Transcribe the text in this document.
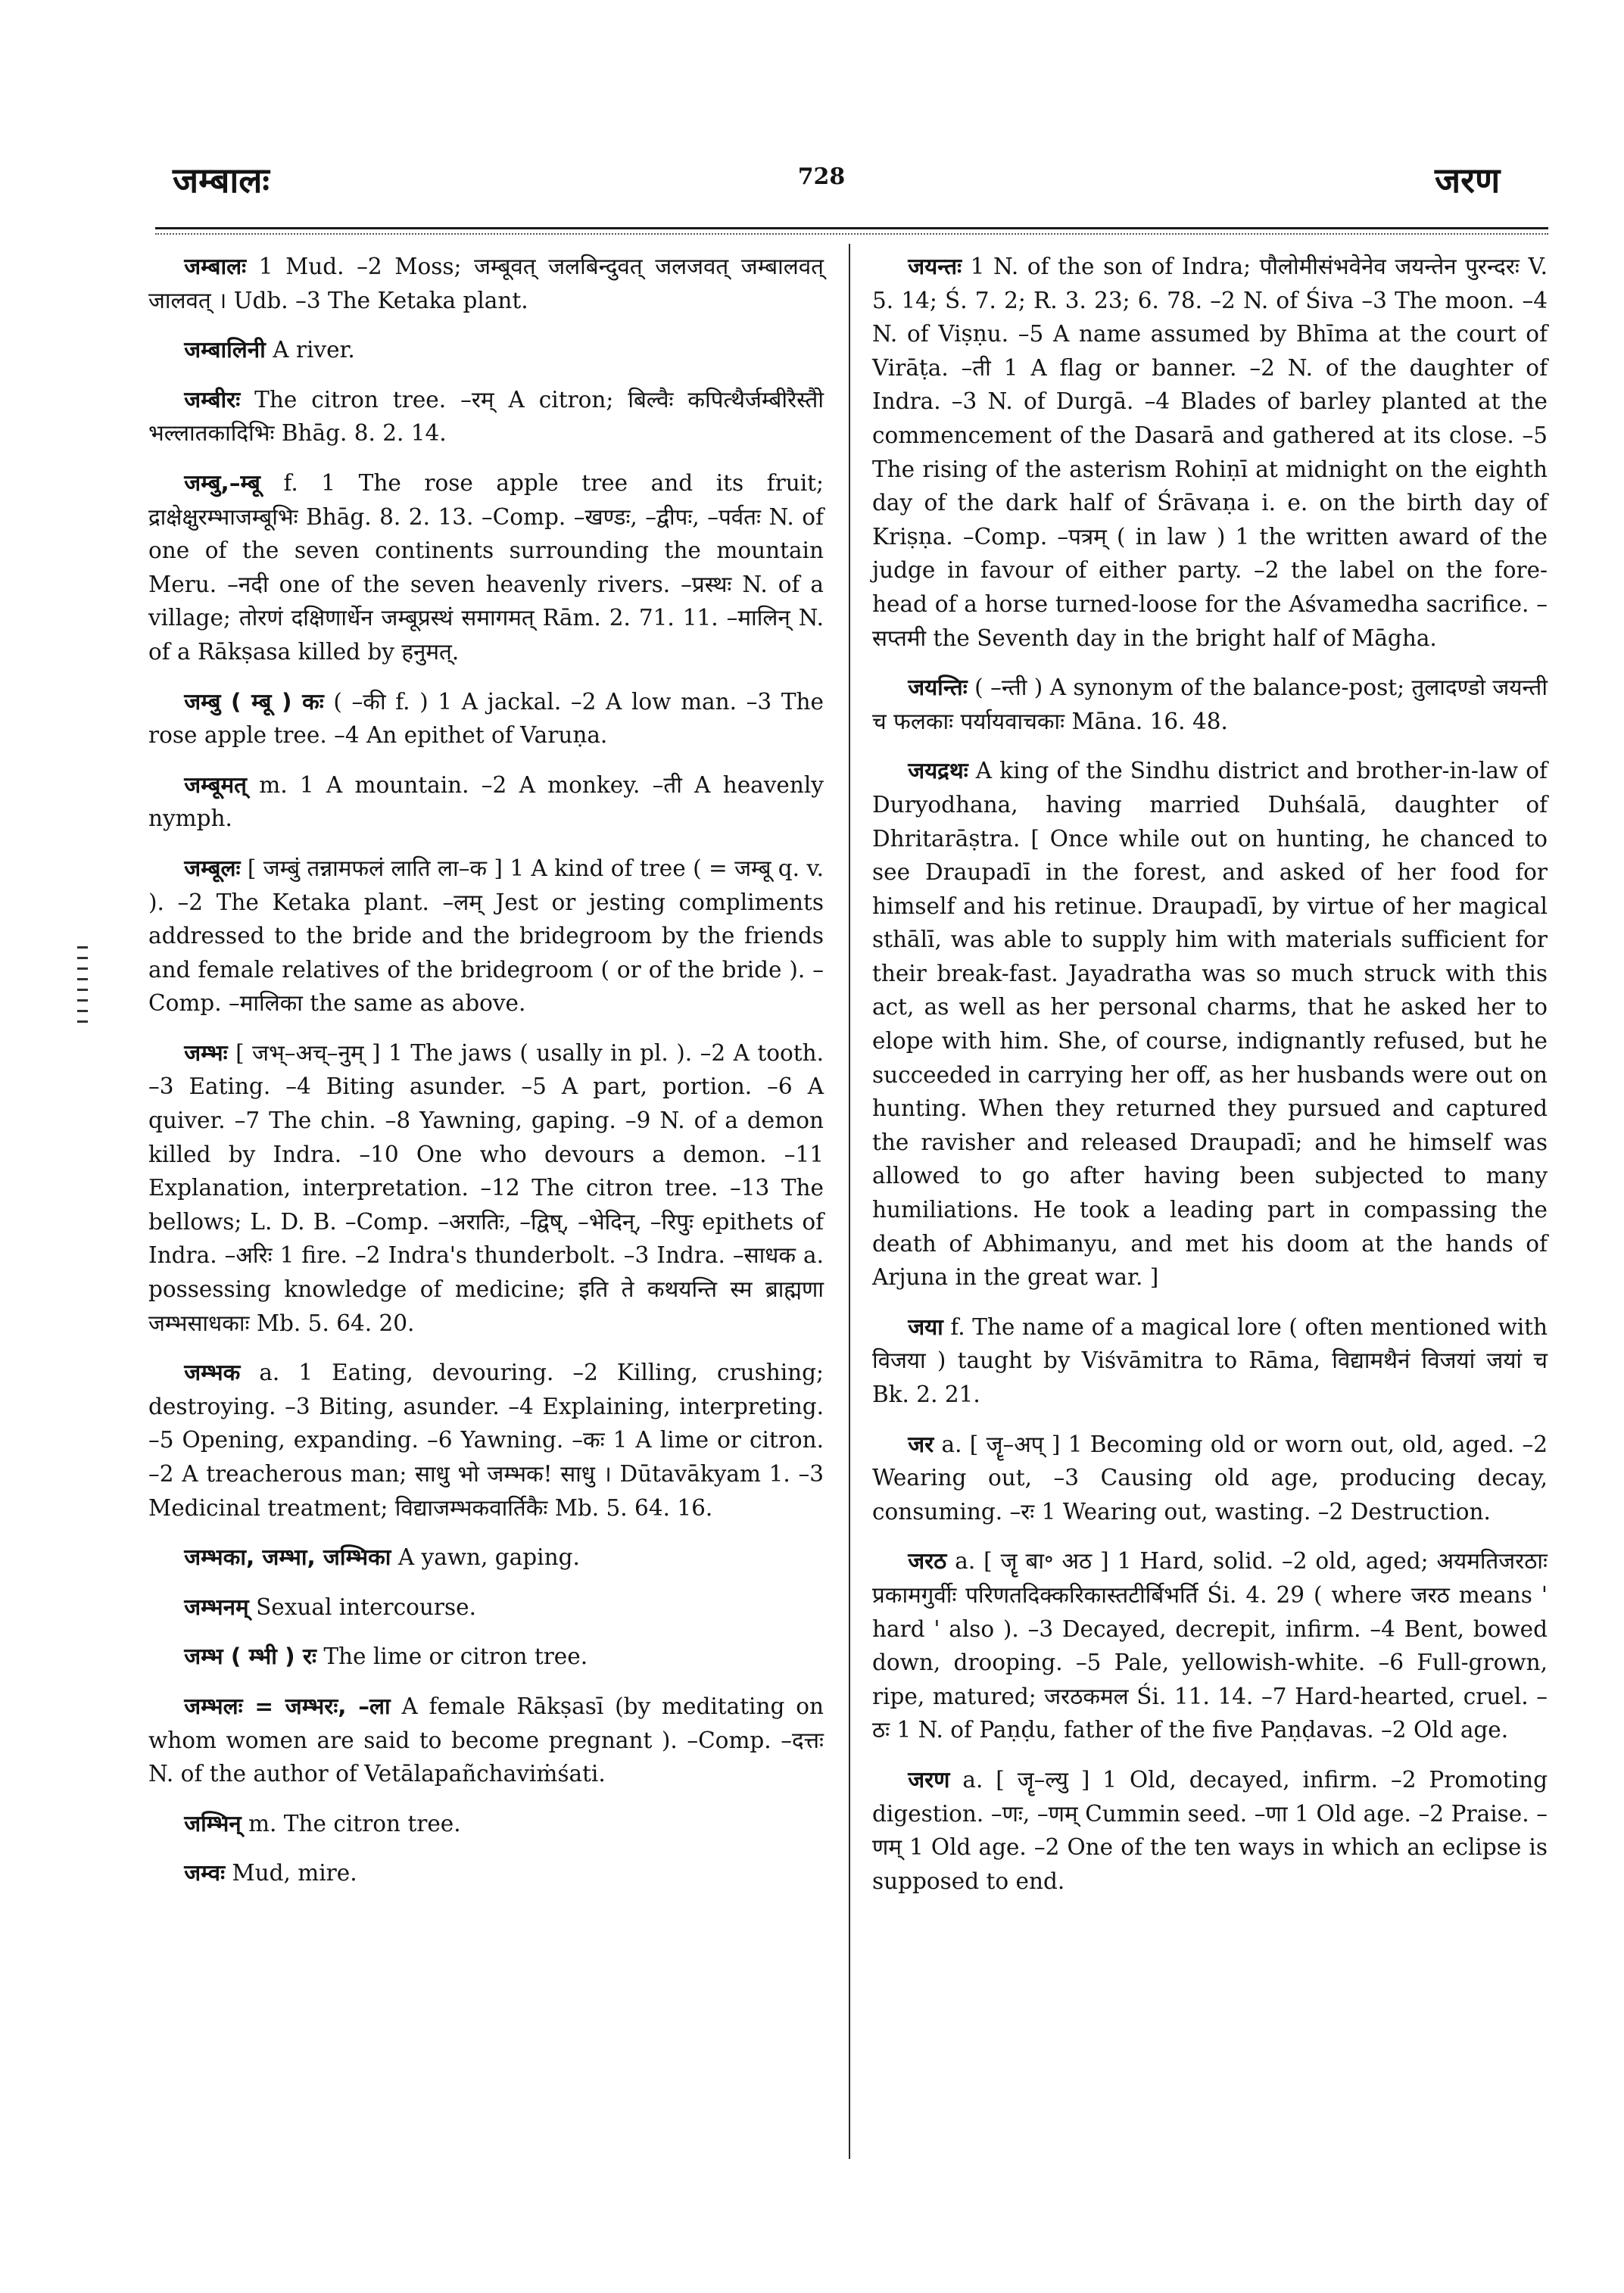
जम्बालः	728	जरण

जम्बालः 1 Mud. –2 Moss; जम्बूवत् जलबिन्दुवत् जलजवत् जम्बालवत् जालवत् । Udb. –3 The Ketaka plant.

जम्बालिनी A river.

जम्बीरः The citron tree. –रम् A citron; बिल्वैः कपित्थैर्जम्बीरैस्तैो भल्लातकादिभिः Bhāg. 8. 2. 14.

जम्बु,–म्बू f. 1 The rose apple tree and its fruit; द्राक्षेक्षुरम्भाजम्बूभिः Bhāg. 8. 2. 13. –Comp. –खण्डः, –द्वीपः, –पर्वतः N. of one of the seven continents surrounding the mountain Meru. –नदी one of the seven heavenly rivers. –प्रस्थः N. of a village; तोरणं दक्षिणार्धेन जम्बूप्रस्थं समागमत् Rām. 2. 71. 11. –मालिन् N. of a Rākṣasa killed by हनुमत्.

जम्बु ( म्बू ) कः ( –की f. ) 1 A jackal. –2 A low man. –3 The rose apple tree. –4 An epithet of Varuṇa.

जम्बूमत् m. 1 A mountain. –2 A monkey. –ती A heavenly nymph.

जम्बूलः [ जम्बुं तन्नामफलं लाति ला–क ] 1 A kind of tree ( = जम्बू q. v. ). –2 The Ketaka plant. –लम् Jest or jesting compliments addressed to the bride and the bridegroom by the friends and female relatives of the bridegroom ( or of the bride ). –Comp. –मालिका the same as above.

जम्भः [ जभ्–अच्–नुम् ] 1 The jaws ( usally in pl. ). –2 A tooth. –3 Eating. –4 Biting asunder. –5 A part, portion. –6 A quiver. –7 The chin. –8 Yawning, gaping. –9 N. of a demon killed by Indra. –10 One who devours a demon. –11 Explanation, interpretation. –12 The citron tree. –13 The bellows; L. D. B. –Comp. –अरातिः, –द्विष्, –भेदिन्, –रिपुः epithets of Indra. –अरिः 1 fire. –2 Indra's thunderbolt. –3 Indra. –साधक a. possessing knowledge of medicine; इति ते कथयन्ति स्म ब्राह्मणा जम्भसाधकाः Mb. 5. 64. 20.

जम्भक a. 1 Eating, devouring. –2 Killing, crushing; destroying. –3 Biting, asunder. –4 Explaining, interpreting. –5 Opening, expanding. –6 Yawning. –कः 1 A lime or citron. –2 A treacherous man; साधु भो जम्भक! साधु । Dūtavākyam 1. –3 Medicinal treatment; विद्याजम्भकवार्तिकैः Mb. 5. 64. 16.

जम्भका, जम्भा, जम्भिका A yawn, gaping.

जम्भनम् Sexual intercourse.

जम्भ ( म्भी ) रः The lime or citron tree.

जम्भलः = जम्भरः, –ला A female Rākṣasī (by meditating on whom women are said to become pregnant ). –Comp. –दत्तः N. of the author of Vetālapañchaviṁśati.

जम्भिन् m. The citron tree.

जम्वः Mud, mire.

जयन्तः 1 N. of the son of Indra; पौलोमीसंभवेनेव जयन्तेन पुरन्दरः V. 5. 14; Ś. 7. 2; R. 3. 23; 6. 78. –2 N. of Śiva –3 The moon. –4 N. of Viṣṇu. –5 A name assumed by Bhīma at the court of Virāṭa. –ती 1 A flag or banner. –2 N. of the daughter of Indra. –3 N. of Durgā. –4 Blades of barley planted at the commencement of the Dasarā and gathered at its close. –5 The rising of the asterism Rohiṇī at midnight on the eighth day of the dark half of Śrāvaṇa i. e. on the birth day of Kriṣṇa. –Comp. –पत्रम् ( in law ) 1 the written award of the judge in favour of either party. –2 the label on the fore-head of a horse turned-loose for the Aśvamedha sacrifice. –सप्तमी the Seventh day in the bright half of Māgha.

जयन्तिः ( –न्ती ) A synonym of the balance-post; तुलादण्डो जयन्ती च फलकाः पर्यायवाचकाः Māna. 16. 48.

जयद्रथः A king of the Sindhu district and brother-in-law of Duryodhana, having married Duhśalā, daughter of Dhritarāṣtra. [ Once while out on hunting, he chanced to see Draupadī in the forest, and asked of her food for himself and his retinue. Draupadī, by virtue of her magical sthālī, was able to supply him with materials sufficient for their break-fast. Jayadratha was so much struck with this act, as well as her personal charms, that he asked her to elope with him. She, of course, indignantly refused, but he succeeded in carrying her off, as her husbands were out on hunting. When they returned they pursued and captured the ravisher and released Draupadī; and he himself was allowed to go after having been subjected to many humiliations. He took a leading part in compassing the death of Abhimanyu, and met his doom at the hands of Arjuna in the great war. ]

जया f. The name of a magical lore ( often mentioned with विजया ) taught by Viśvāmitra to Rāma, विद्यामथैनं विजयां जयां च Bk. 2. 21.

जर a. [ जॄ–अप् ] 1 Becoming old or worn out, old, aged. –2 Wearing out, –3 Causing old age, producing decay, consuming. –रः 1 Wearing out, wasting. –2 Destruction.

जरठ a. [ जॄ बा॰ अठ ] 1 Hard, solid. –2 old, aged; अयमतिजरठाः प्रकामगुर्वीः परिणतदिक्करिकास्तटीर्बिभर्ति Śi. 4. 29 ( where जरठ means ' hard ' also ). –3 Decayed, decrepit, infirm. –4 Bent, bowed down, drooping. –5 Pale, yellowish-white. –6 Full-grown, ripe, matured; जरठकमल Śi. 11. 14. –7 Hard-hearted, cruel. –ठः 1 N. of Paṇḍu, father of the five Paṇḍavas. –2 Old age.

जरण a. [ जॄ–ल्यु ] 1 Old, decayed, infirm. –2 Promoting digestion. –णः, –णम् Cummin seed. –णा 1 Old age. –2 Praise. –णम् 1 Old age. –2 One of the ten ways in which an eclipse is supposed to end.
